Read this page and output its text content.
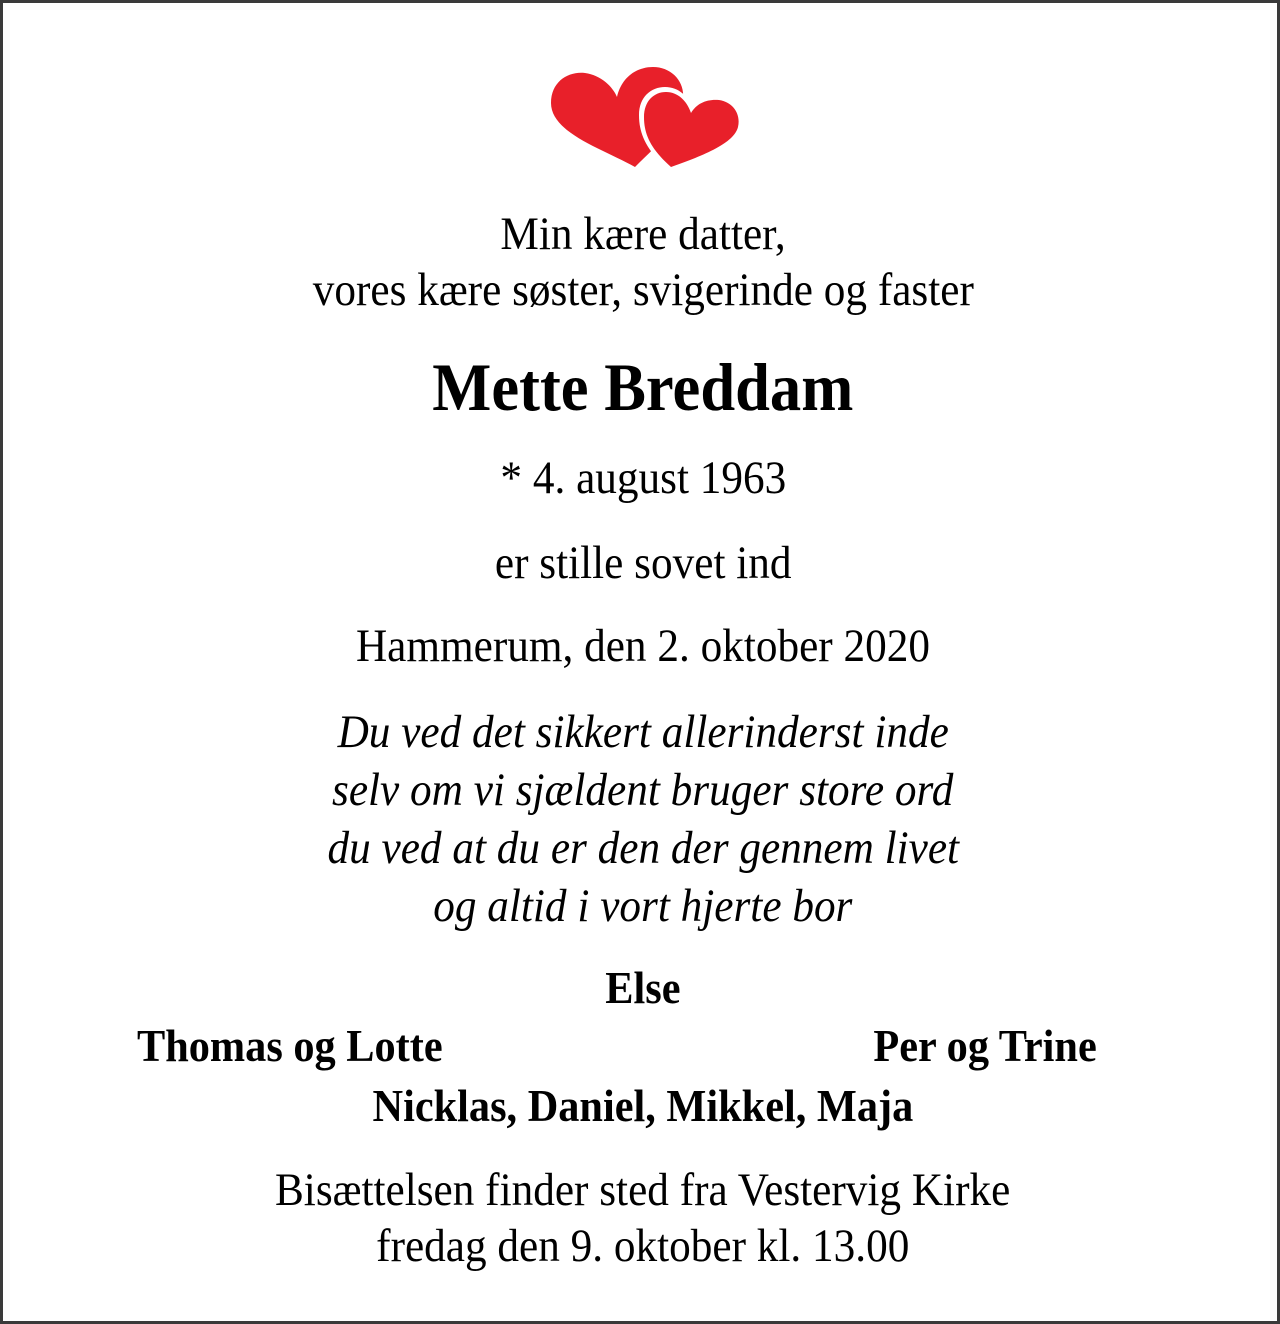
Min kære datter,
vores kære søster, svigerinde og faster
Mette Breddam
* 4. august 1963
er stille sovet ind
Hammerum, den 2. oktober 2020
Du ved det sikkert allerinderst inde
selv om vi sjældent bruger store ord
du ved at du er den der gennem livet
og altid i vort hjerte bor
Else
Thomas og Lotte	Per og Trine
Nicklas, Daniel, Mikkel, Maja
Bisættelsen finder sted fra Vestervig Kirke
fredag den 9. oktober kl. 13.00
